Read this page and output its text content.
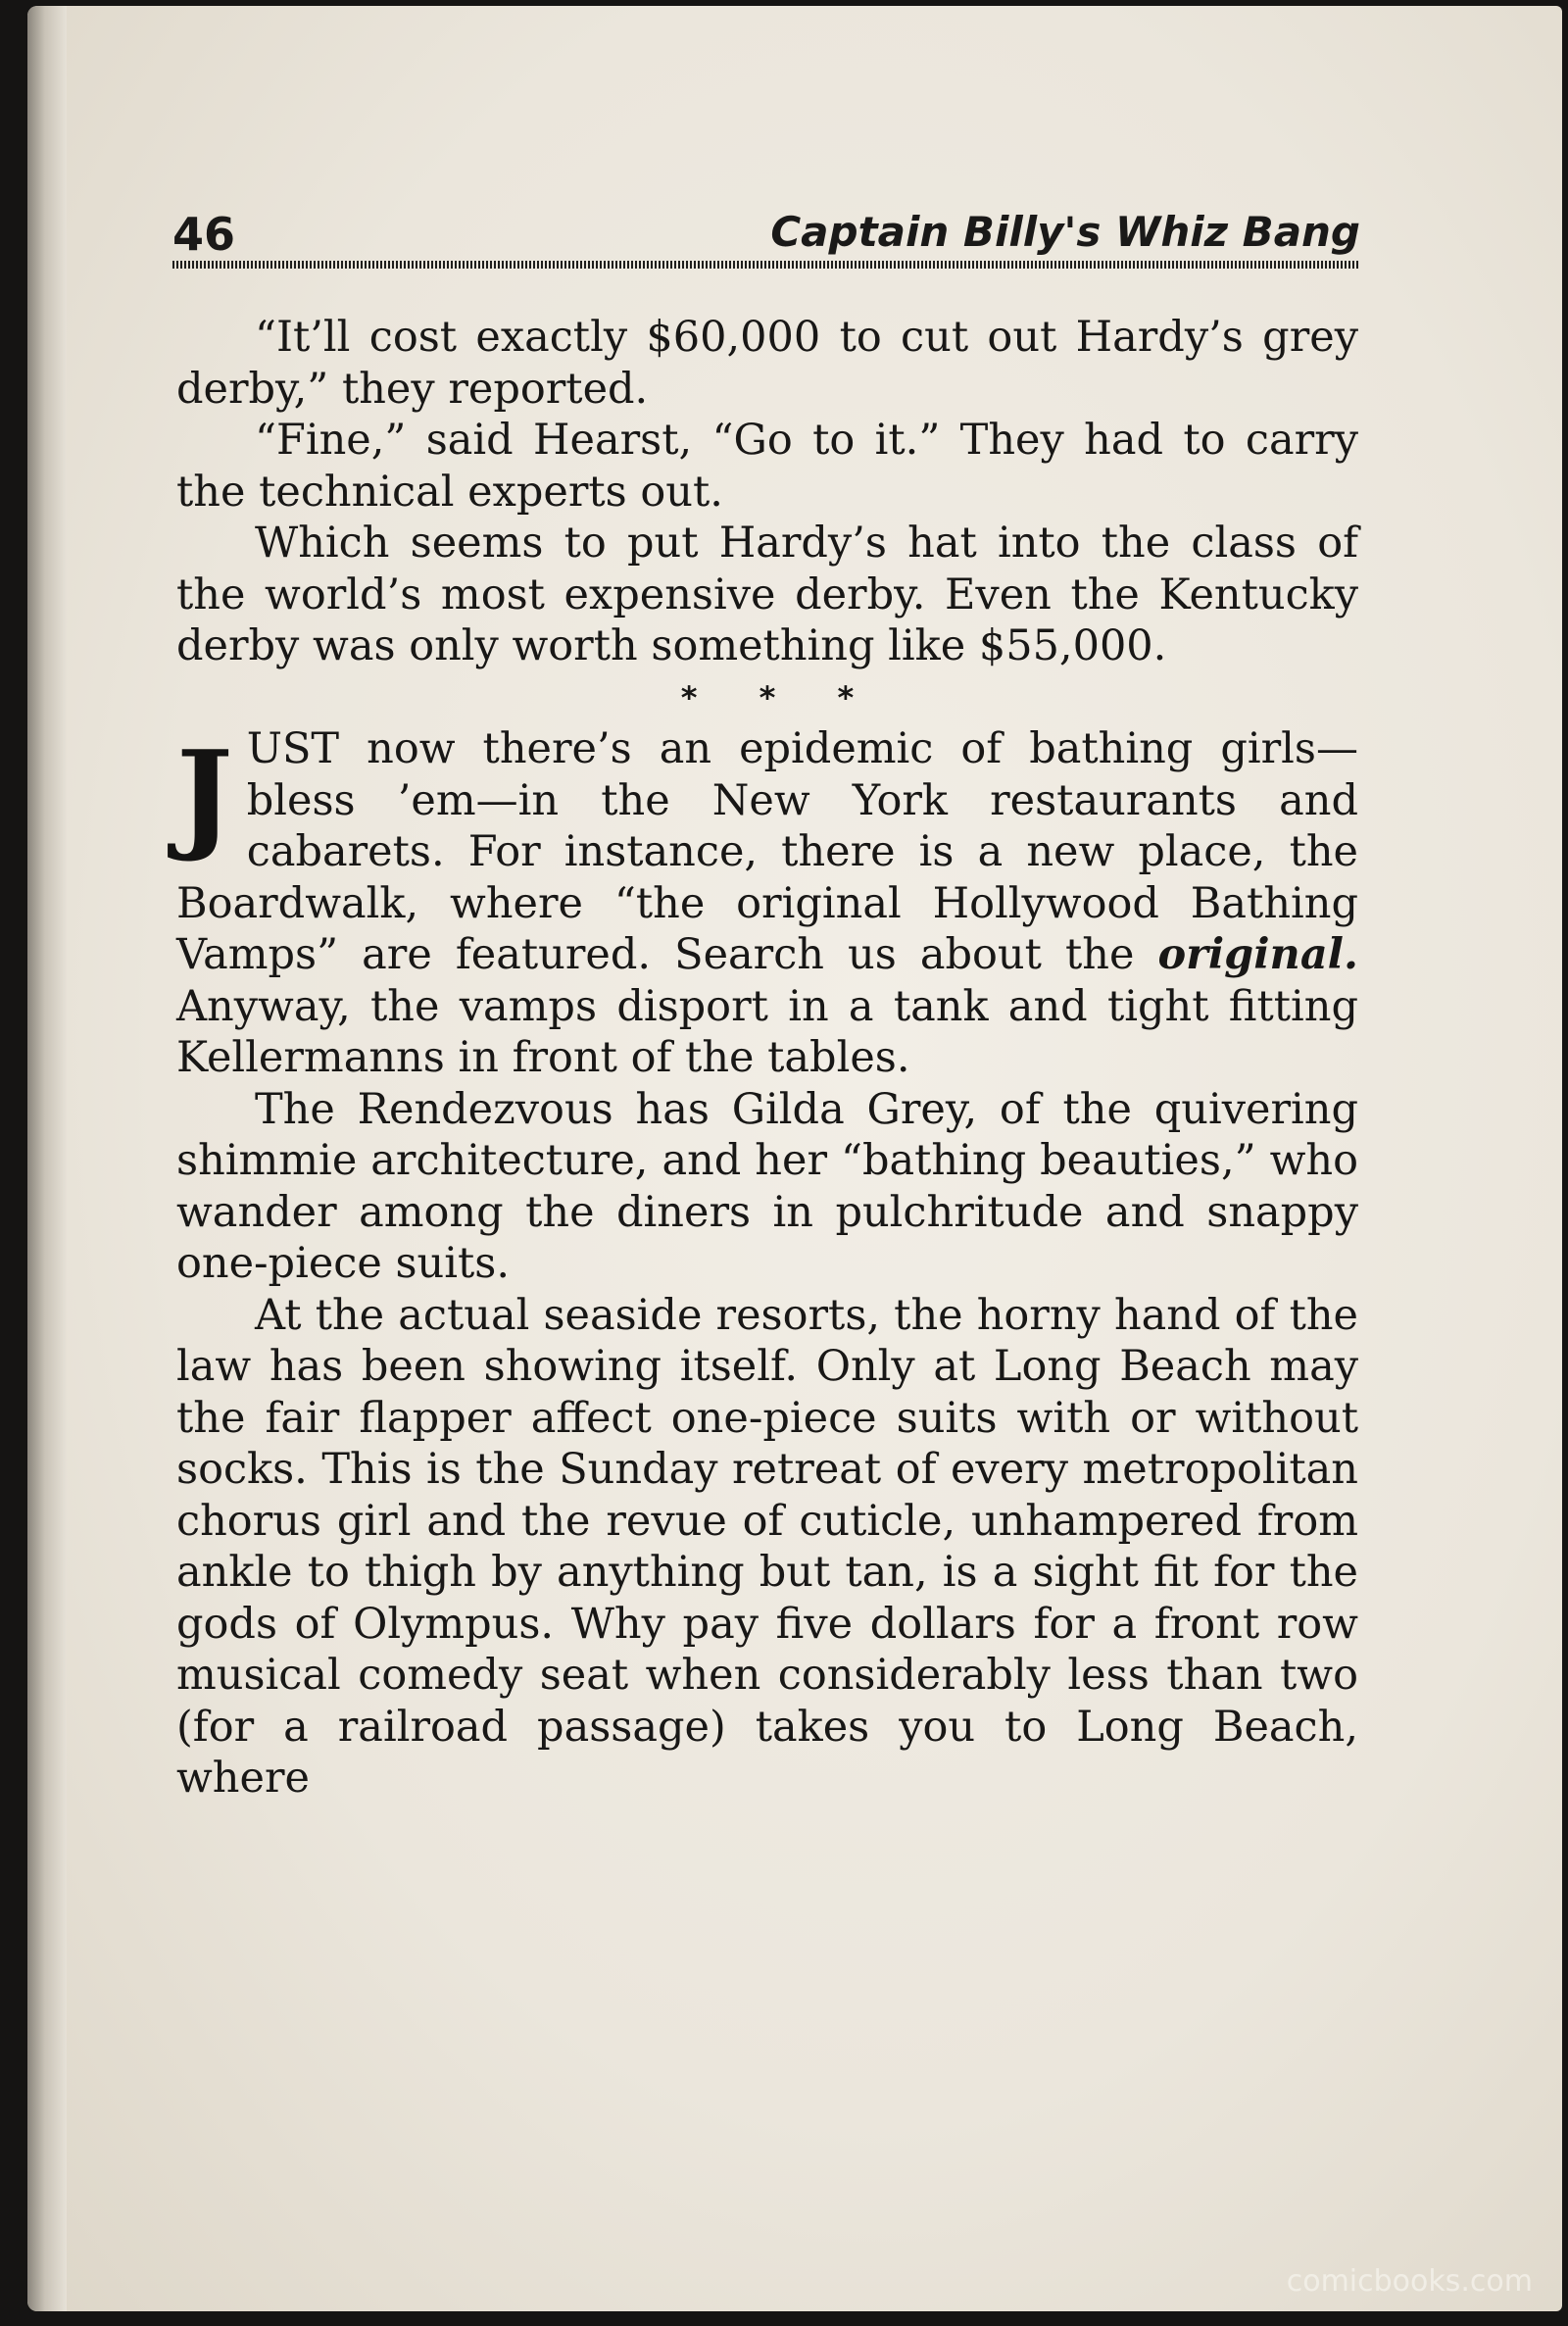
46	Captain Billy's Whiz Bang

“It’ll cost exactly $60,000 to cut out Hardy’s grey derby,” they reported.

“Fine,” said Hearst, “Go to it.” They had to carry the technical experts out.

Which seems to put Hardy’s hat into the class of the world’s most expensive derby. Even the Kentucky derby was only worth something like $55,000.

* * *

JUST now there’s an epidemic of bathing girls—bless ’em—in the New York restaurants and cabarets. For instance, there is a new place, the Boardwalk, where “the original Hollywood Bathing Vamps” are featured. Search us about the original. Anyway, the vamps disport in a tank and tight fitting Kellermanns in front of the tables.

The Rendezvous has Gilda Grey, of the quivering shimmie architecture, and her “bathing beauties,” who wander among the diners in pulchritude and snappy one-piece suits.

At the actual seaside resorts, the horny hand of the law has been showing itself. Only at Long Beach may the fair flapper affect one-piece suits with or without socks. This is the Sunday retreat of every metropolitan chorus girl and the revue of cuticle, unhampered from ankle to thigh by anything but tan, is a sight fit for the gods of Olympus. Why pay five dollars for a front row musical comedy seat when considerably less than two (for a railroad passage) takes you to Long Beach, where

comicbooks.com
